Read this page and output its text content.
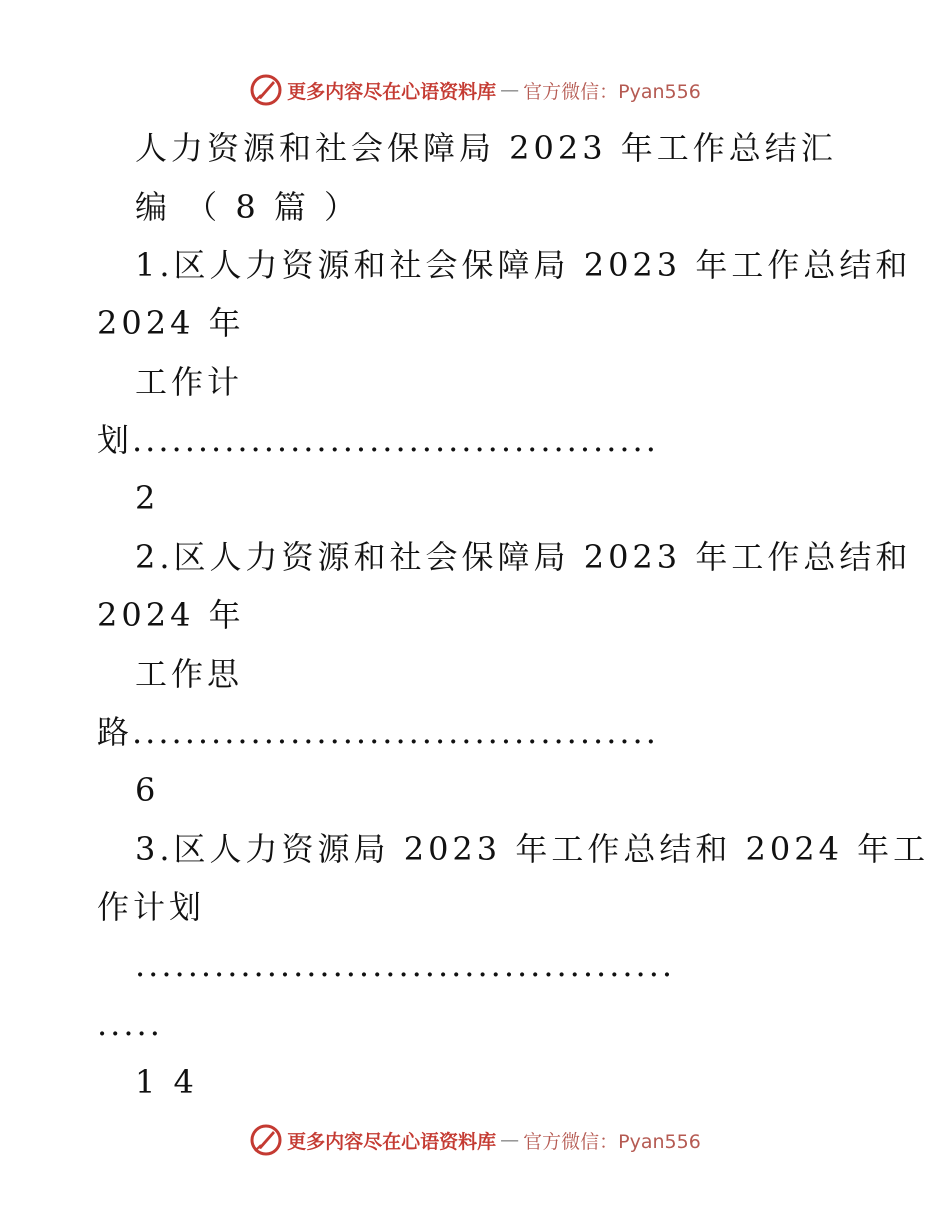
更多内容尽在心语资料库 — 官方微信：Pyan556
人力资源和社会保障局 2023 年工作总结汇
编 （ 8 篇 ）
1.区人力资源和社会保障局 2023 年工作总结和
2024 年
工作计
划........................................
2
2.区人力资源和社会保障局 2023 年工作总结和
2024 年
工作思
路........................................
6
3.区人力资源局 2023 年工作总结和 2024 年工
作计划
.........................................
.....
1 4
更多内容尽在心语资料库 — 官方微信：Pyan556
